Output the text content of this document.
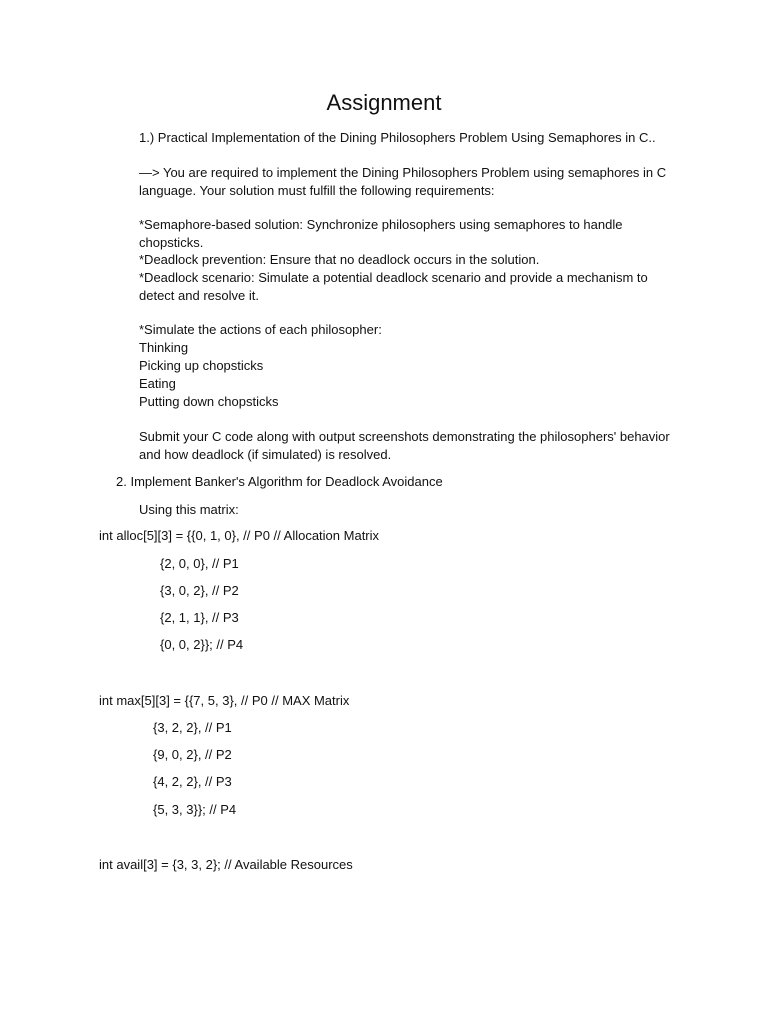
Assignment
1.) Practical Implementation of the Dining Philosophers Problem Using Semaphores in C..
—> You are required to implement the Dining Philosophers Problem using semaphores in C language. Your solution must fulfill the following requirements:
*Semaphore-based solution: Synchronize philosophers using semaphores to handle chopsticks.
*Deadlock prevention: Ensure that no deadlock occurs in the solution.
*Deadlock scenario: Simulate a potential deadlock scenario and provide a mechanism to detect and resolve it.
*Simulate the actions of each philosopher:
Thinking
Picking up chopsticks
Eating
Putting down chopsticks
Submit your C code along with output screenshots demonstrating the philosophers' behavior and how deadlock (if simulated) is resolved.
2. Implement Banker's Algorithm for Deadlock Avoidance
Using this matrix:
int alloc[5][3] = {{0, 1, 0}, // P0 // Allocation Matrix
{2, 0, 0}, // P1
{3, 0, 2}, // P2
{2, 1, 1}, // P3
{0, 0, 2}}; // P4
int max[5][3] = {{7, 5, 3}, // P0 // MAX Matrix
{3, 2, 2}, // P1
{9, 0, 2}, // P2
{4, 2, 2}, // P3
{5, 3, 3}}; // P4
int avail[3] = {3, 3, 2}; // Available Resources
